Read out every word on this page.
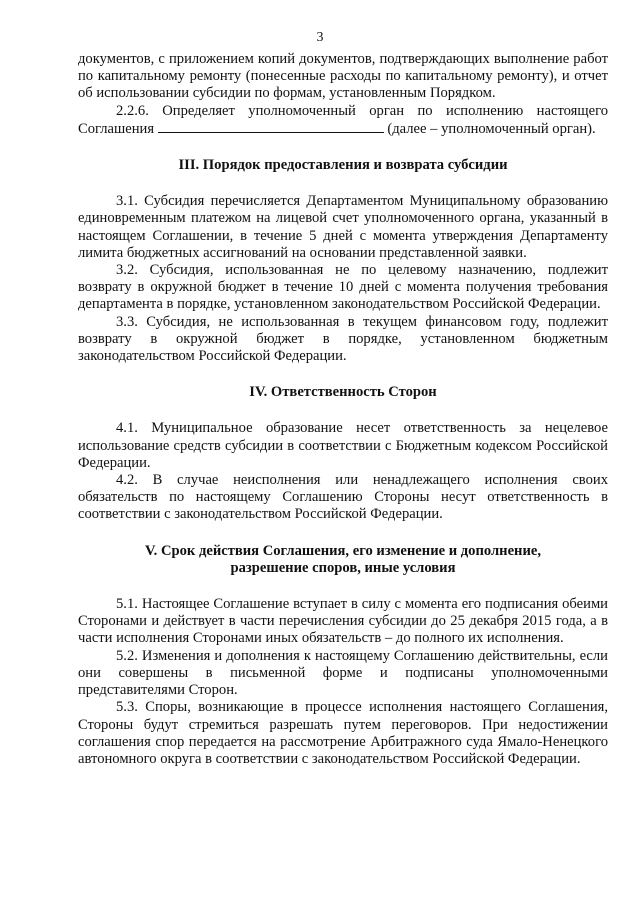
3

документов, с приложением копий документов, подтверждающих выполнение работ по капитальному ремонту (понесенные расходы по капитальному ремонту), и отчет об использовании субсидии по формам, установленным Порядком.

2.2.6. Определяет уполномоченный орган по исполнению настоящего Соглашения	(далее – уполномоченный орган).

III. Порядок предоставления и возврата субсидии

3.1. Субсидия перечисляется Департаментом Муниципальному образованию единовременным платежом на лицевой счет уполномоченного органа, указанный в настоящем Соглашении, в течение 5 дней с момента утверждения Департаменту лимита бюджетных ассигнований на основании представленной заявки.

3.2. Субсидия, использованная не по целевому назначению, подлежит возврату в окружной бюджет в течение 10 дней с момента получения требования департамента в порядке, установленном законодательством Российской Федерации.

3.3. Субсидия, не использованная в текущем финансовом году, подлежит возврату в окружной бюджет в порядке, установленном бюджетным законодательством Российской Федерации.

IV. Ответственность Сторон

4.1. Муниципальное образование несет ответственность за нецелевое использование средств субсидии в соответствии с Бюджетным кодексом Российской Федерации.

4.2. В случае неисполнения или ненадлежащего исполнения своих обязательств по настоящему Соглашению Стороны несут ответственность в соответствии с законодательством Российской Федерации.

V. Срок действия Соглашения, его изменение и дополнение,

разрешение споров, иные условия

5.1. Настоящее Соглашение вступает в силу с момента его подписания обеими Сторонами и действует в части перечисления субсидии до 25 декабря 2015 года, а в части исполнения Сторонами иных обязательств – до полного их исполнения.

5.2. Изменения и дополнения к настоящему Соглашению действительны, если они совершены в письменной форме и подписаны уполномоченными представителями Сторон.

5.3. Споры, возникающие в процессе исполнения настоящего Соглашения, Стороны будут стремиться разрешать путем переговоров. При недостижении соглашения спор передается на рассмотрение Арбитражного суда Ямало-Ненецкого автономного округа в соответствии с законодательством Российской Федерации.
